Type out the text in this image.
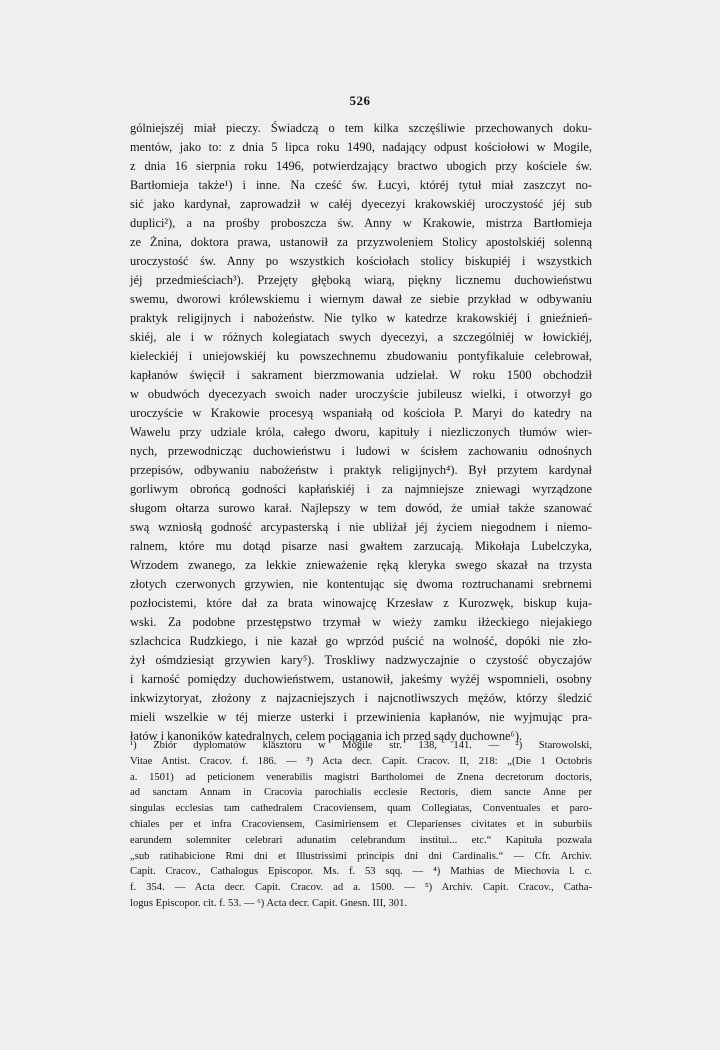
526
gólniejszéj miał pieczy. Świadczą o tem kilka szczęśliwie przechowanych doku-
mentów, jako to: z dnia 5 lipca roku 1490, nadający odpust kościołowi w Mogile,
z dnia 16 sierpnia roku 1496, potwierdzający bractwo ubogich przy kościele św.
Bartłomieja także¹) i inne. Na cześć św. Łucyi, któréj tytuł miał zaszczyt no-
sić jako kardynał, zaprowadził w całéj dyecezyi krakowskiéj uroczystość jéj sub
duplici²), a na prośby proboszcza św. Anny w Krakowie, mistrza Bartłomieja
ze Żnina, doktora prawa, ustanowił za przyzwoleniem Stolicy apostolskiéj solenną
uroczystość św. Anny po wszystkich kościołach stolicy biskupiéj i wszystkich
jéj przedmieściach³). Przejęty głęboką wiarą, piękny licznemu duchowieństwu
swemu, dworowi królewskiemu i wiernym dawał ze siebie przykład w odbywaniu
praktyk religijnych i nabożeństw. Nie tylko w katedrze krakowskiéj i gnieźnień-
skiéj, ale i w różnych kolegiatach swych dyecezyi, a szczególniéj w łowickiéj,
kieleckiéj i uniejowskiéj ku powszechnemu zbudowaniu pontyfikaluie celebrował,
kapłanów święcił i sakrament bierzmowania udzielał. W roku 1500 obchodził
w obudwóch dyecezyach swoich nader uroczyście jubileusz wielki, i otworzył go
uroczyście w Krakowie procesyą wspaniałą od kościoła P. Maryi do katedry na
Wawelu przy udziale króla, całego dworu, kapituły i niezliczonych tłumów wier-
nych, przewodnicząc duchowieństwu i ludowi w ścisłem zachowaniu odnośnych
przepisów, odbywaniu nabożeństw i praktyk religijnych⁴). Był przytem kardynał
gorliwym obrońcą godności kapłańskiéj i za najmniejsze zniewagi wyrządzone
sługom ołtarza surowo karał. Najlepszy w tem dowód, że umiał także szanować
swą wzniosłą godność arcypasterską i nie ubliżał jéj życiem niegodnem i niemo-
ralnem, które mu dotąd pisarze nasi gwałtem zarzucają. Mikołaja Lubelczyka,
Wrzodem zwanego, za lekkie znieważenie ręką kleryka swego skazał na trzysta
złotych czerwonych grzywien, nie kontentując się dwoma roztruchanami srebrnemi
pozłocistemi, które dał za brata winowajcę Krzesław z Kurozwęk, biskup kuja-
wski. Za podobne przestępstwo trzymał w wieży zamku iłżeckiego niejakiego
szlachcica Rudzkiego, i nie kazał go wprzód puścić na wolność, dopóki nie zło-
żył ośmdziesiąt grzywien kary⁵). Troskliwy nadzwyczajnie o czystość obyczajów
i karność pomiędzy duchowieństwem, ustanowił, jakeśmy wyżéj wspomnieli, osobny
inkwizytoryat, złożony z najzacniejszych i najcnotliwszych mężów, którzy śledzić
mieli wszelkie w téj mierze usterki i przewinienia kapłanów, nie wyjmując pra-
łatów i kanoników katedralnych, celem pociągania ich przed sądy duchowne⁶).
¹) Zbiór dyplomatów klasztoru w Mogile str. 138, 141. — ²) Starowolski,
Vitae Antist. Cracov. f. 186. — ³) Acta decr. Capit. Cracov. II, 218: „(Die 1 Octobris
a. 1501) ad peticionem venerabilis magistri Bartholomei de Znena decretorum doctoris,
ad sanctam Annam in Cracovia parochialis ecclesie Rectoris, diem sancte Anne per
singulas ecclesias tam cathedralem Cracoviensem, quam Collegiatas, Conventuales et paro-
chiales per et infra Cracoviensem, Casimiriensem et Cleparienses civitates et in suburbiis
earundem solemniter celebrari adunatim celebrandum institui... etc.“ Kapituła pozwala
„sub ratihabicione Rmi dni et Illustrissimi principis dni dni Cardinalis.“ — Cfr. Archiv.
Capit. Cracov., Cathalogus Episcopor. Ms. f. 53 sqq. — ⁴) Mathias de Miechovia l. c.
f. 354. — Acta decr. Capit. Cracov. ad a. 1500. — ⁵) Archiv. Capit. Cracov., Catha-
logus Episcopor. cit. f. 53. — ⁶) Acta decr. Capit. Gnesn. III, 301.
